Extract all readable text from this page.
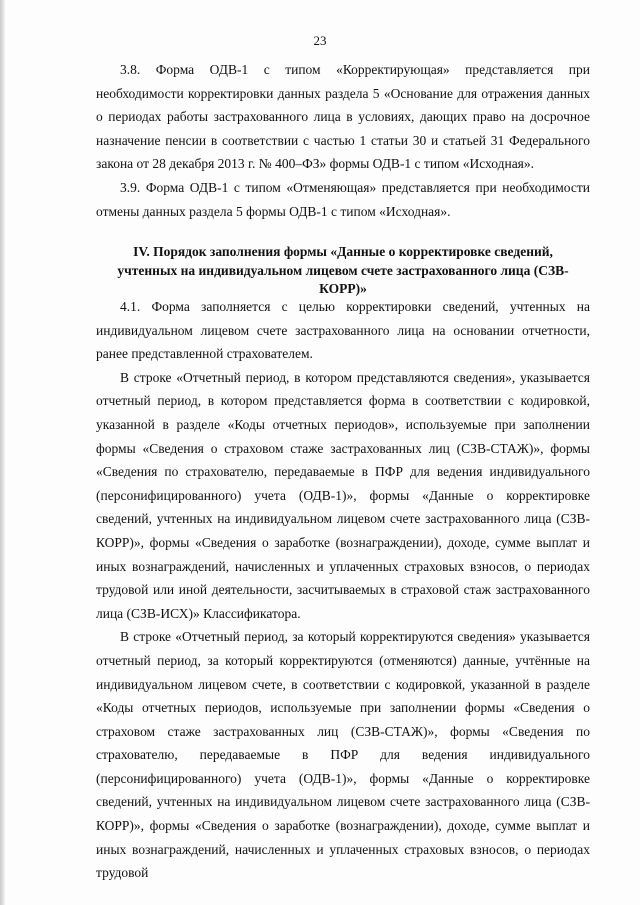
23

3.8. Форма ОДВ-1 с типом «Корректирующая» представляется при необходимости корректировки данных раздела 5 «Основание для отражения данных о периодах работы застрахованного лица в условиях, дающих право на досрочное назначение пенсии в соответствии с частью 1 статьи 30 и статьей 31 Федерального закона от 28 декабря 2013 г. № 400–ФЗ» формы ОДВ-1 с типом «Исходная».

3.9. Форма ОДВ-1 с типом «Отменяющая» представляется при необходимости отмены данных раздела 5 формы ОДВ-1 с типом «Исходная».

IV. Порядок заполнения формы «Данные о корректировке сведений,

учтенных на индивидуальном лицевом счете застрахованного лица (СЗВ-КОРР)»

4.1. Форма заполняется с целью корректировки сведений, учтенных на индивидуальном лицевом счете застрахованного лица на основании отчетности, ранее представленной страхователем.

В строке «Отчетный период, в котором представляются сведения», указывается отчетный период, в котором представляется форма в соответствии с кодировкой, указанной в разделе «Коды отчетных периодов», используемые при заполнении формы «Сведения о страховом стаже застрахованных лиц (СЗВ-СТАЖ)», формы «Сведения по страхователю, передаваемые в ПФР для ведения индивидуального (персонифицированного) учета (ОДВ-1)», формы «Данные о корректировке сведений, учтенных на индивидуальном лицевом счете застрахованного лица (СЗВ-КОРР)», формы «Сведения о заработке (вознаграждении), доходе, сумме выплат и иных вознаграждений, начисленных и уплаченных страховых взносов, о периодах трудовой или иной деятельности, засчитываемых в страховой стаж застрахованного лица (СЗВ-ИСХ)» Классификатора.

В строке «Отчетный период, за который корректируются сведения» указывается отчетный период, за который корректируются (отменяются) данные, учтённые на индивидуальном лицевом счете, в соответствии с кодировкой, указанной в разделе «Коды отчетных периодов, используемые при заполнении формы «Сведения о страховом стаже застрахованных лиц (СЗВ-СТАЖ)», формы «Сведения по страхователю, передаваемые в ПФР для ведения индивидуального (персонифицированного) учета (ОДВ-1)», формы «Данные о корректировке сведений, учтенных на индивидуальном лицевом счете застрахованного лица (СЗВ-КОРР)», формы «Сведения о заработке (вознаграждении), доходе, сумме выплат и иных вознаграждений, начисленных и уплаченных страховых взносов, о периодах трудовой
